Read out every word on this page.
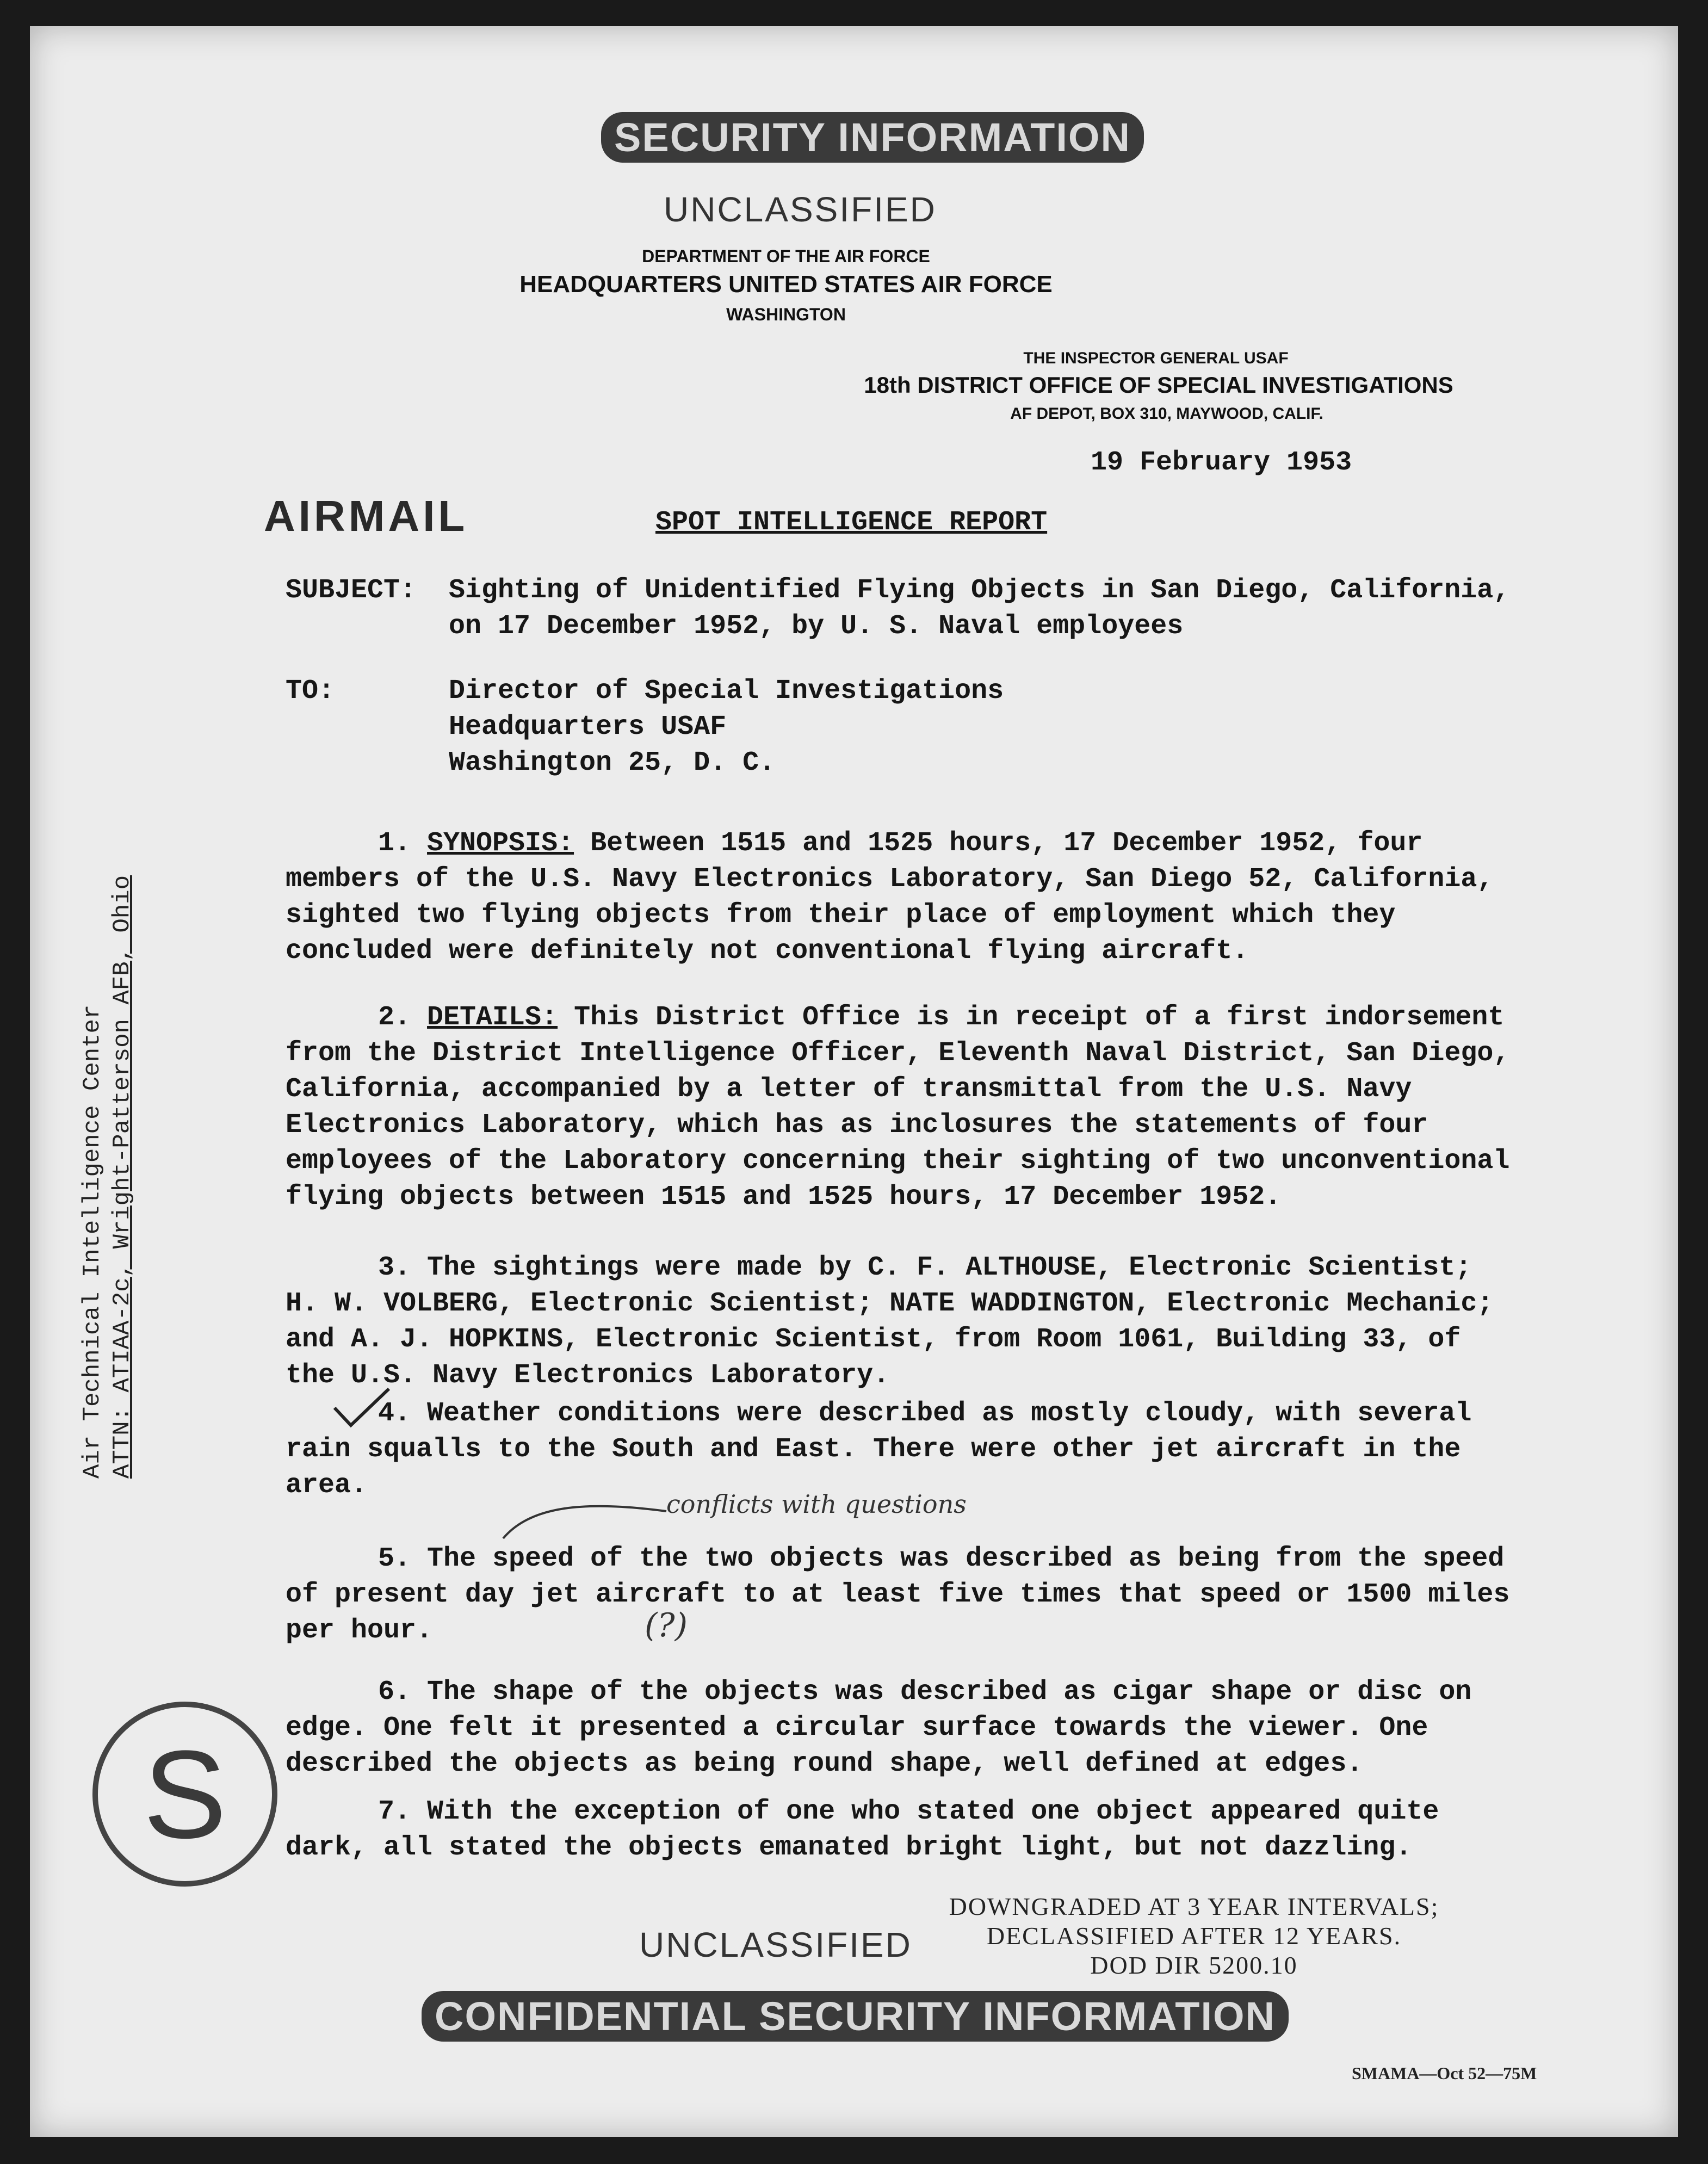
SECURITY INFORMATION
UNCLASSIFIED
DEPARTMENT OF THE AIR FORCE
HEADQUARTERS UNITED STATES AIR FORCE
WASHINGTON
THE INSPECTOR GENERAL USAF
18th DISTRICT OFFICE OF SPECIAL INVESTIGATIONS
AF DEPOT, BOX 310, MAYWOOD, CALIF.
19 February 1953
AIRMAIL	SPOT INTELLIGENCE REPORT
SUBJECT: Sighting of Unidentified Flying Objects in San Diego, California,
on 17 December 1952, by U. S. Naval employees
TO:	Director of Special Investigations
Headquarters USAF
Washington 25, D. C.
1. SYNOPSIS: Between 1515 and 1525 hours, 17 December 1952, four members of the U.S. Navy Electronics Laboratory, San Diego 52, California, sighted two flying objects from their place of employment which they concluded were definitely not conventional flying aircraft.
2. DETAILS: This District Office is in receipt of a first indorsement from the District Intelligence Officer, Eleventh Naval District, San Diego, California, accompanied by a letter of transmittal from the U.S. Navy Electronics Laboratory, which has as inclosures the statements of four employees of the Laboratory concerning their sighting of two unconventional flying objects between 1515 and 1525 hours, 17 December 1952.
3. The sightings were made by C. F. ALTHOUSE, Electronic Scientist; H. W. VOLBERG, Electronic Scientist; NATE WADDINGTON, Electronic Mechanic; and A. J. HOPKINS, Electronic Scientist, from Room 1061, Building 33, of the U.S. Navy Electronics Laboratory.
4. Weather conditions were described as mostly cloudy, with several rain squalls to the South and East. There were other jet aircraft in the area.
conflicts with questions
5. The speed of the two objects was described as being from the speed of present day jet aircraft to at least five times that speed or 1500 miles per hour.	(?)
6. The shape of the objects was described as cigar shape or disc on edge. One felt it presented a circular surface towards the viewer. One described the objects as being round shape, well defined at edges.
7. With the exception of one who stated one object appeared quite dark, all stated the objects emanated bright light, but not dazzling.
Air Technical Intelligence Center ATTN: ATIAA-2c, Wright-Patterson AFB, Ohio
S
DOWNGRADED AT 3 YEAR INTERVALS;
DECLASSIFIED AFTER 12 YEARS.
DOD DIR 5200.10
UNCLASSIFIED
CONFIDENTIAL SECURITY INFORMATION
SMAMA—Oct 52—75M
